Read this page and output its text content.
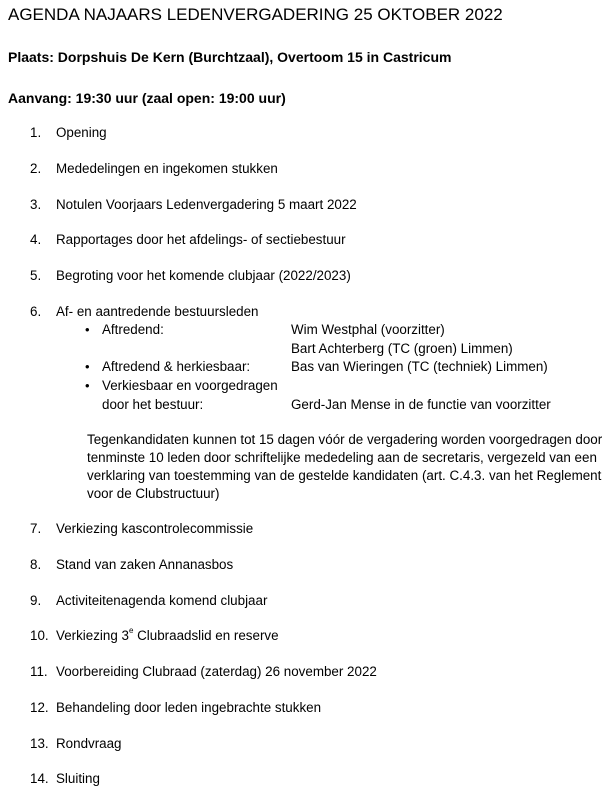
AGENDA NAJAARS LEDENVERGADERING 25 OKTOBER 2022
Plaats: Dorpshuis De Kern (Burchtzaal), Overtoom 15 in Castricum
Aanvang: 19:30 uur (zaal open: 19:00 uur)
1. Opening
2. Mededelingen en ingekomen stukken
3. Notulen Voorjaars Ledenvergadering 5 maart 2022
4. Rapportages door het afdelings- of sectiebestuur
5. Begroting voor het komende clubjaar (2022/2023)
6. Af- en aantredende bestuursleden
• Aftredend:	Wim Westphal (voorzitter)
Bart Achterberg (TC (groen) Limmen)
• Aftredend & herkiesbaar:	Bas van Wieringen (TC (techniek) Limmen)
• Verkiesbaar en voorgedragen
door het bestuur:	Gerd-Jan Mense in de functie van voorzitter
Tegenkandidaten kunnen tot 15 dagen vóór de vergadering worden voorgedragen door
tenminste 10 leden door schriftelijke mededeling aan de secretaris, vergezeld van een
verklaring van toestemming van de gestelde kandidaten (art. C.4.3. van het Reglement
voor de Clubstructuur)
7. Verkiezing kascontrolecommissie
8. Stand van zaken Annanasbos
9. Activiteitenagenda komend clubjaar
10. Verkiezing 3e Clubraadslid en reserve
11. Voorbereiding Clubraad (zaterdag) 26 november 2022
12. Behandeling door leden ingebrachte stukken
13. Rondvraag
14. Sluiting
